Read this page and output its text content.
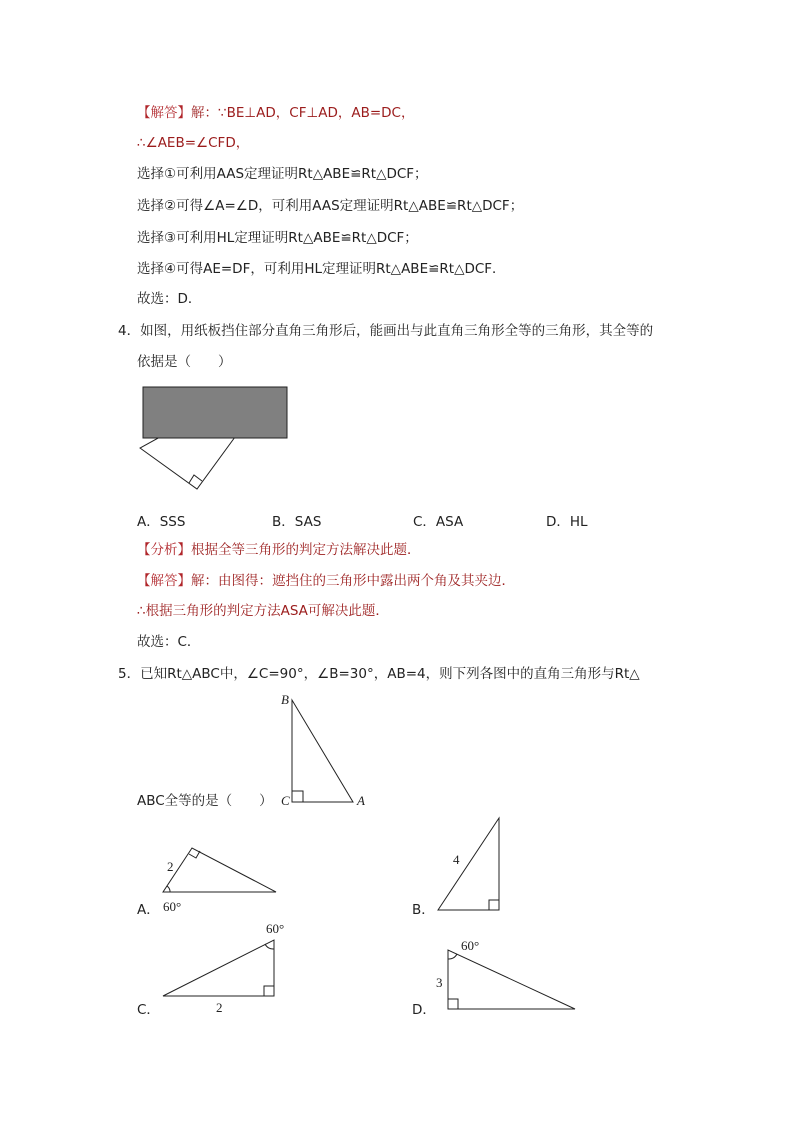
【解答】解：∵BE⊥AD，CF⊥AD，AB=DC，
∴∠AEB=∠CFD，
选择①可利用AAS定理证明Rt△ABE≌Rt△DCF；
选择②可得∠A=∠D，可利用AAS定理证明Rt△ABE≌Rt△DCF；
选择③可利用HL定理证明Rt△ABE≌Rt△DCF；
选择④可得AE=DF，可利用HL定理证明Rt△ABE≌Rt△DCF．
故选：D．
4．如图，用纸板挡住部分直角三角形后，能画出与此直角三角形全等的三角形，其全等的
依据是（　　）
A．SSS	B．SAS	C．ASA	D．HL
【分析】根据全等三角形的判定方法解决此题．
【解答】解：由图得：遮挡住的三角形中露出两个角及其夹边．
∴根据三角形的判定方法ASA可解决此题．
故选：C．
5．已知Rt△ABC中，∠C=90°，∠B=30°，AB=4，则下列各图中的直角三角形与Rt△
B
C	A
ABC全等的是（　　）
A．
2
60°	B．
4
C．
60°
2	D．
60°
3
